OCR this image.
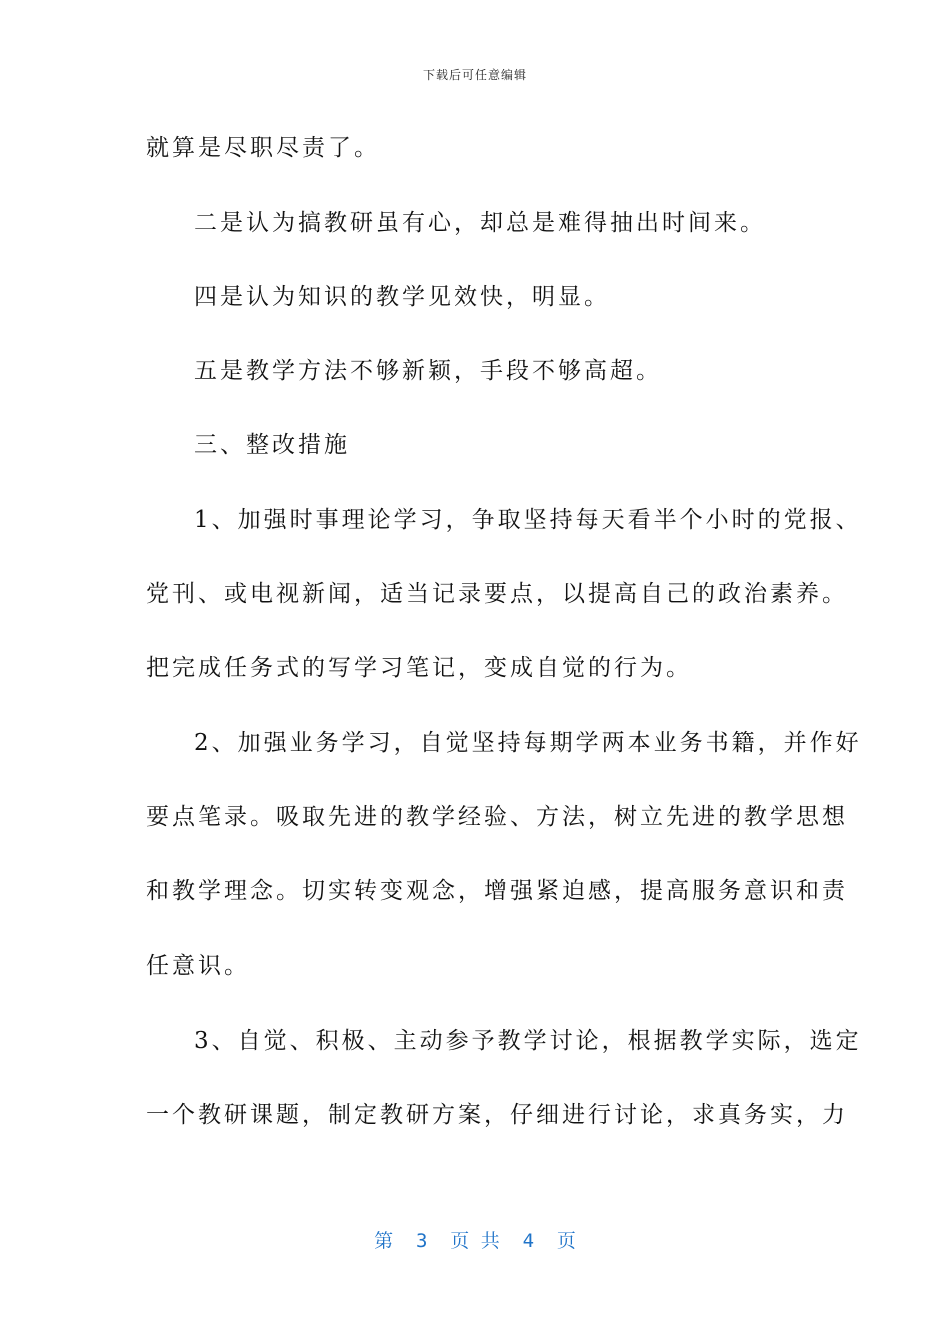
下载后可任意编辑
就算是尽职尽责了。
二是认为搞教研虽有心，却总是难得抽出时间来。
四是认为知识的教学见效快，明显。
五是教学方法不够新颖，手段不够高超。
三、整改措施
1、加强时事理论学习，争取坚持每天看半个小时的党报、
党刊、或电视新闻，适当记录要点，以提高自己的政治素养。
把完成任务式的写学习笔记，变成自觉的行为。
2、加强业务学习，自觉坚持每期学两本业务书籍，并作好
要点笔录。吸取先进的教学经验、方法，树立先进的教学思想
和教学理念。切实转变观念，增强紧迫感，提高服务意识和责
任意识。
3、自觉、积极、主动参予教学讨论，根据教学实际，选定
一个教研课题，制定教研方案，仔细进行讨论，求真务实，力
第  3  页 共  4  页
